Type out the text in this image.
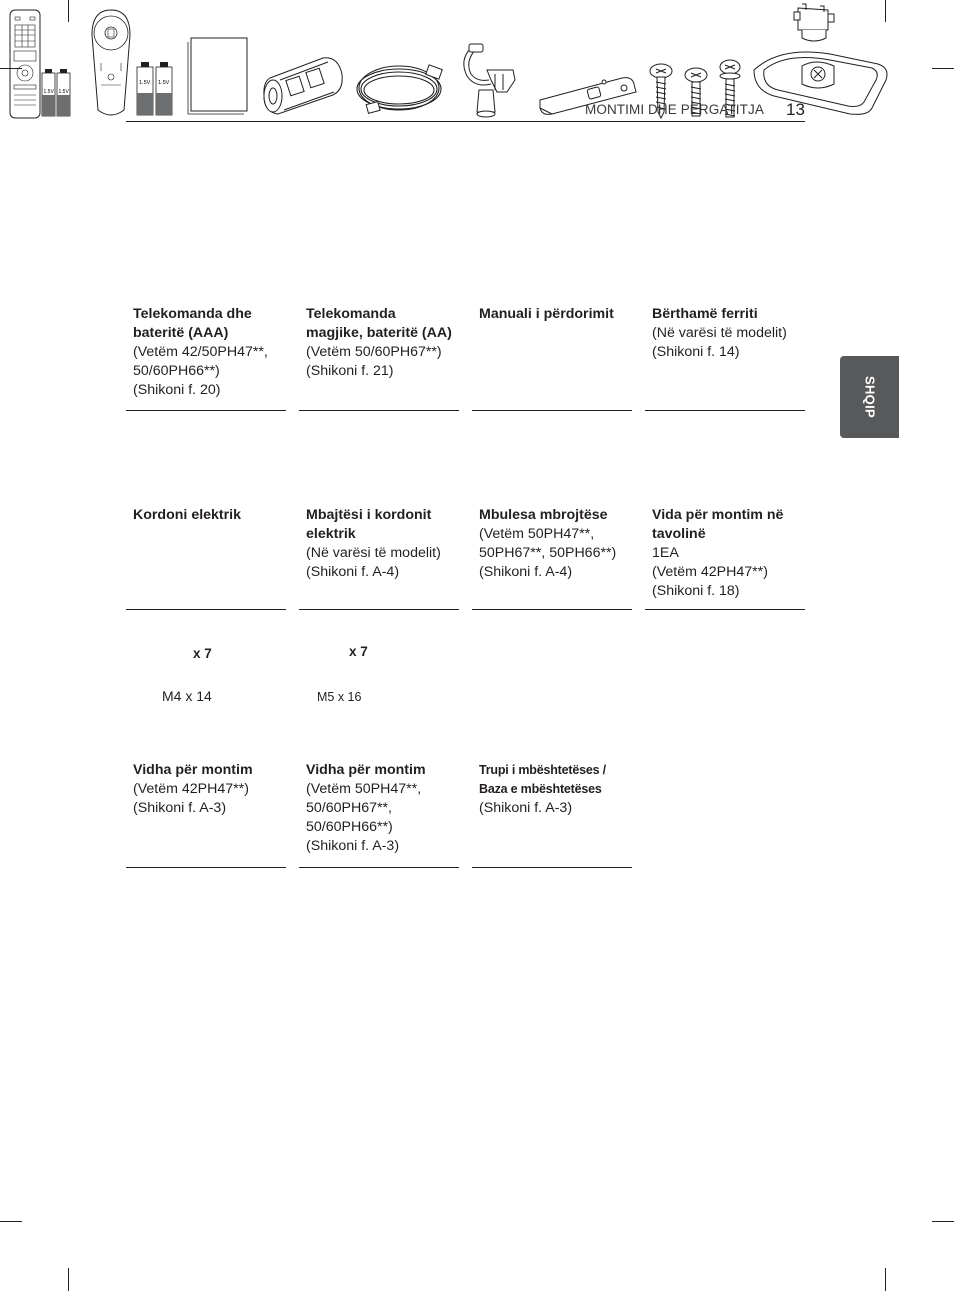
MONTIMI DHE PËRGATITJA 13
SHQIP
1.5V 1.5V

Telekomanda dhe
bateritë (AAA)
(Vetëm 42/50PH47**,
50/60PH66**)
(Shikoni f. 20)
1.5V 1.5V

Telekomanda
magjike, bateritë (AA)
(Vetëm 50/60PH67**)
(Shikoni f. 21)

Manuali i përdorimit
	Bërthamë ferriti
(Në varësi të modelit)
(Shikoni f. 14)

Kordoni elektrik
	Mbajtësi i kordonit
elektrik
(Në varësi të modelit)
(Shikoni f. A-4)

Mbulesa mbrojtëse
(Vetëm 50PH47**,
50PH67**, 50PH66**)
(Shikoni f. A-4)

Vida për montim në
tavolinë
1EA
(Vetëm 42PH47**)
(Shikoni f. 18)

x 7
M4 x 14
Vidha për montim
(Vetëm 42PH47**)
(Shikoni f. A-3)

x 7
M5 x 16
Vidha për montim
(Vetëm 50PH47**,
50/60PH67**,
50/60PH66**)
(Shikoni f. A-3)
Trupi i mbështetëses /
Baza e mbështetëses
(Shikoni f. A-3)
